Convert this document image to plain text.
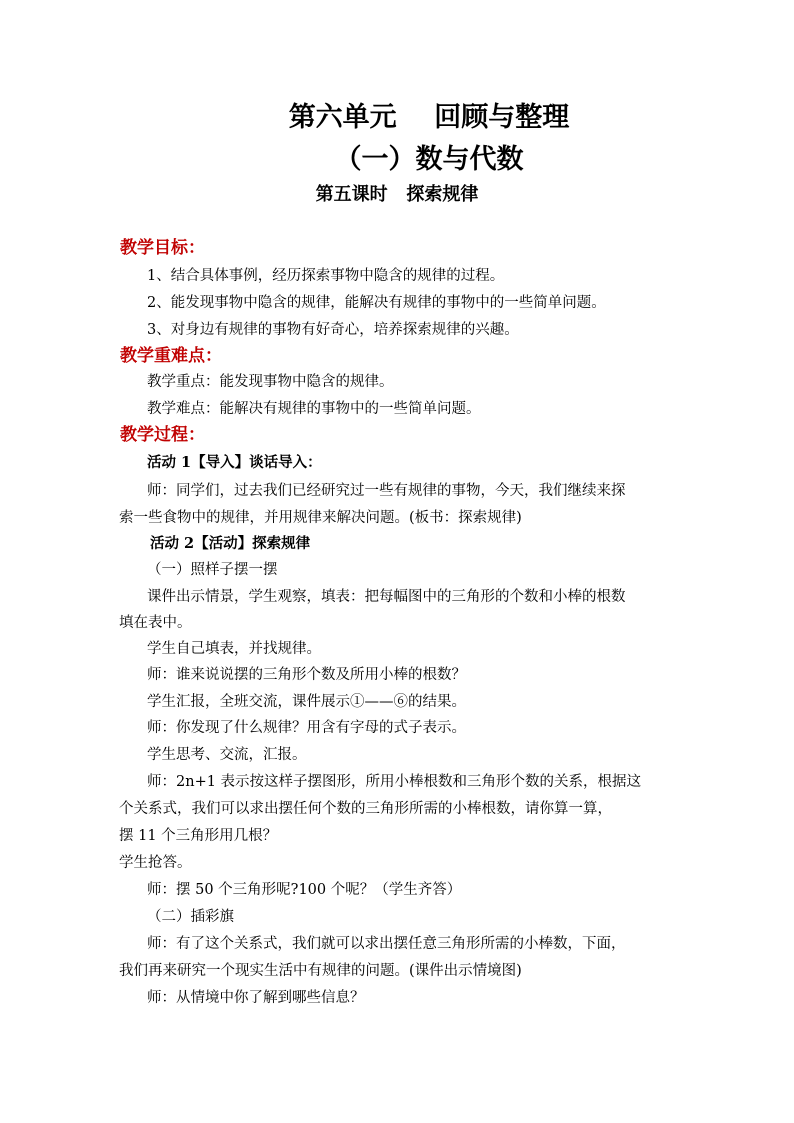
第六单元    回顾与整理
（一）数与代数
第五课时   探索规律
教学目标：
1、结合具体事例，经历探索事物中隐含的规律的过程。
2、能发现事物中隐含的规律，能解决有规律的事物中的一些简单问题。
3、对身边有规律的事物有好奇心，培养探索规律的兴趣。
教学重难点：
教学重点：能发现事物中隐含的规律。
教学难点：能解决有规律的事物中的一些简单问题。
教学过程：
活动 1【导入】谈话导入：
师：同学们，过去我们已经研究过一些有规律的事物，今天，我们继续来探
索一些食物中的规律，并用规律来解决问题。(板书：探索规律)
活动 2【活动】探索规律
（一）照样子摆一摆
课件出示情景，学生观察，填表：把每幅图中的三角形的个数和小棒的根数
填在表中。
学生自己填表，并找规律。
师：谁来说说摆的三角形个数及所用小棒的根数？
学生汇报，全班交流，课件展示①——⑥的结果。
师：你发现了什么规律？用含有字母的式子表示。
学生思考、交流，汇报。
师：2n+1 表示按这样子摆图形，所用小棒根数和三角形个数的关系，根据这
个关系式，我们可以求出摆任何个数的三角形所需的小棒根数，请你算一算，
摆 11 个三角形用几根？
学生抢答。
师：摆 50 个三角形呢?100 个呢？（学生齐答）
（二）插彩旗
师：有了这个关系式，我们就可以求出摆任意三角形所需的小棒数，下面，
我们再来研究一个现实生活中有规律的问题。(课件出示情境图)
师：从情境中你了解到哪些信息？
